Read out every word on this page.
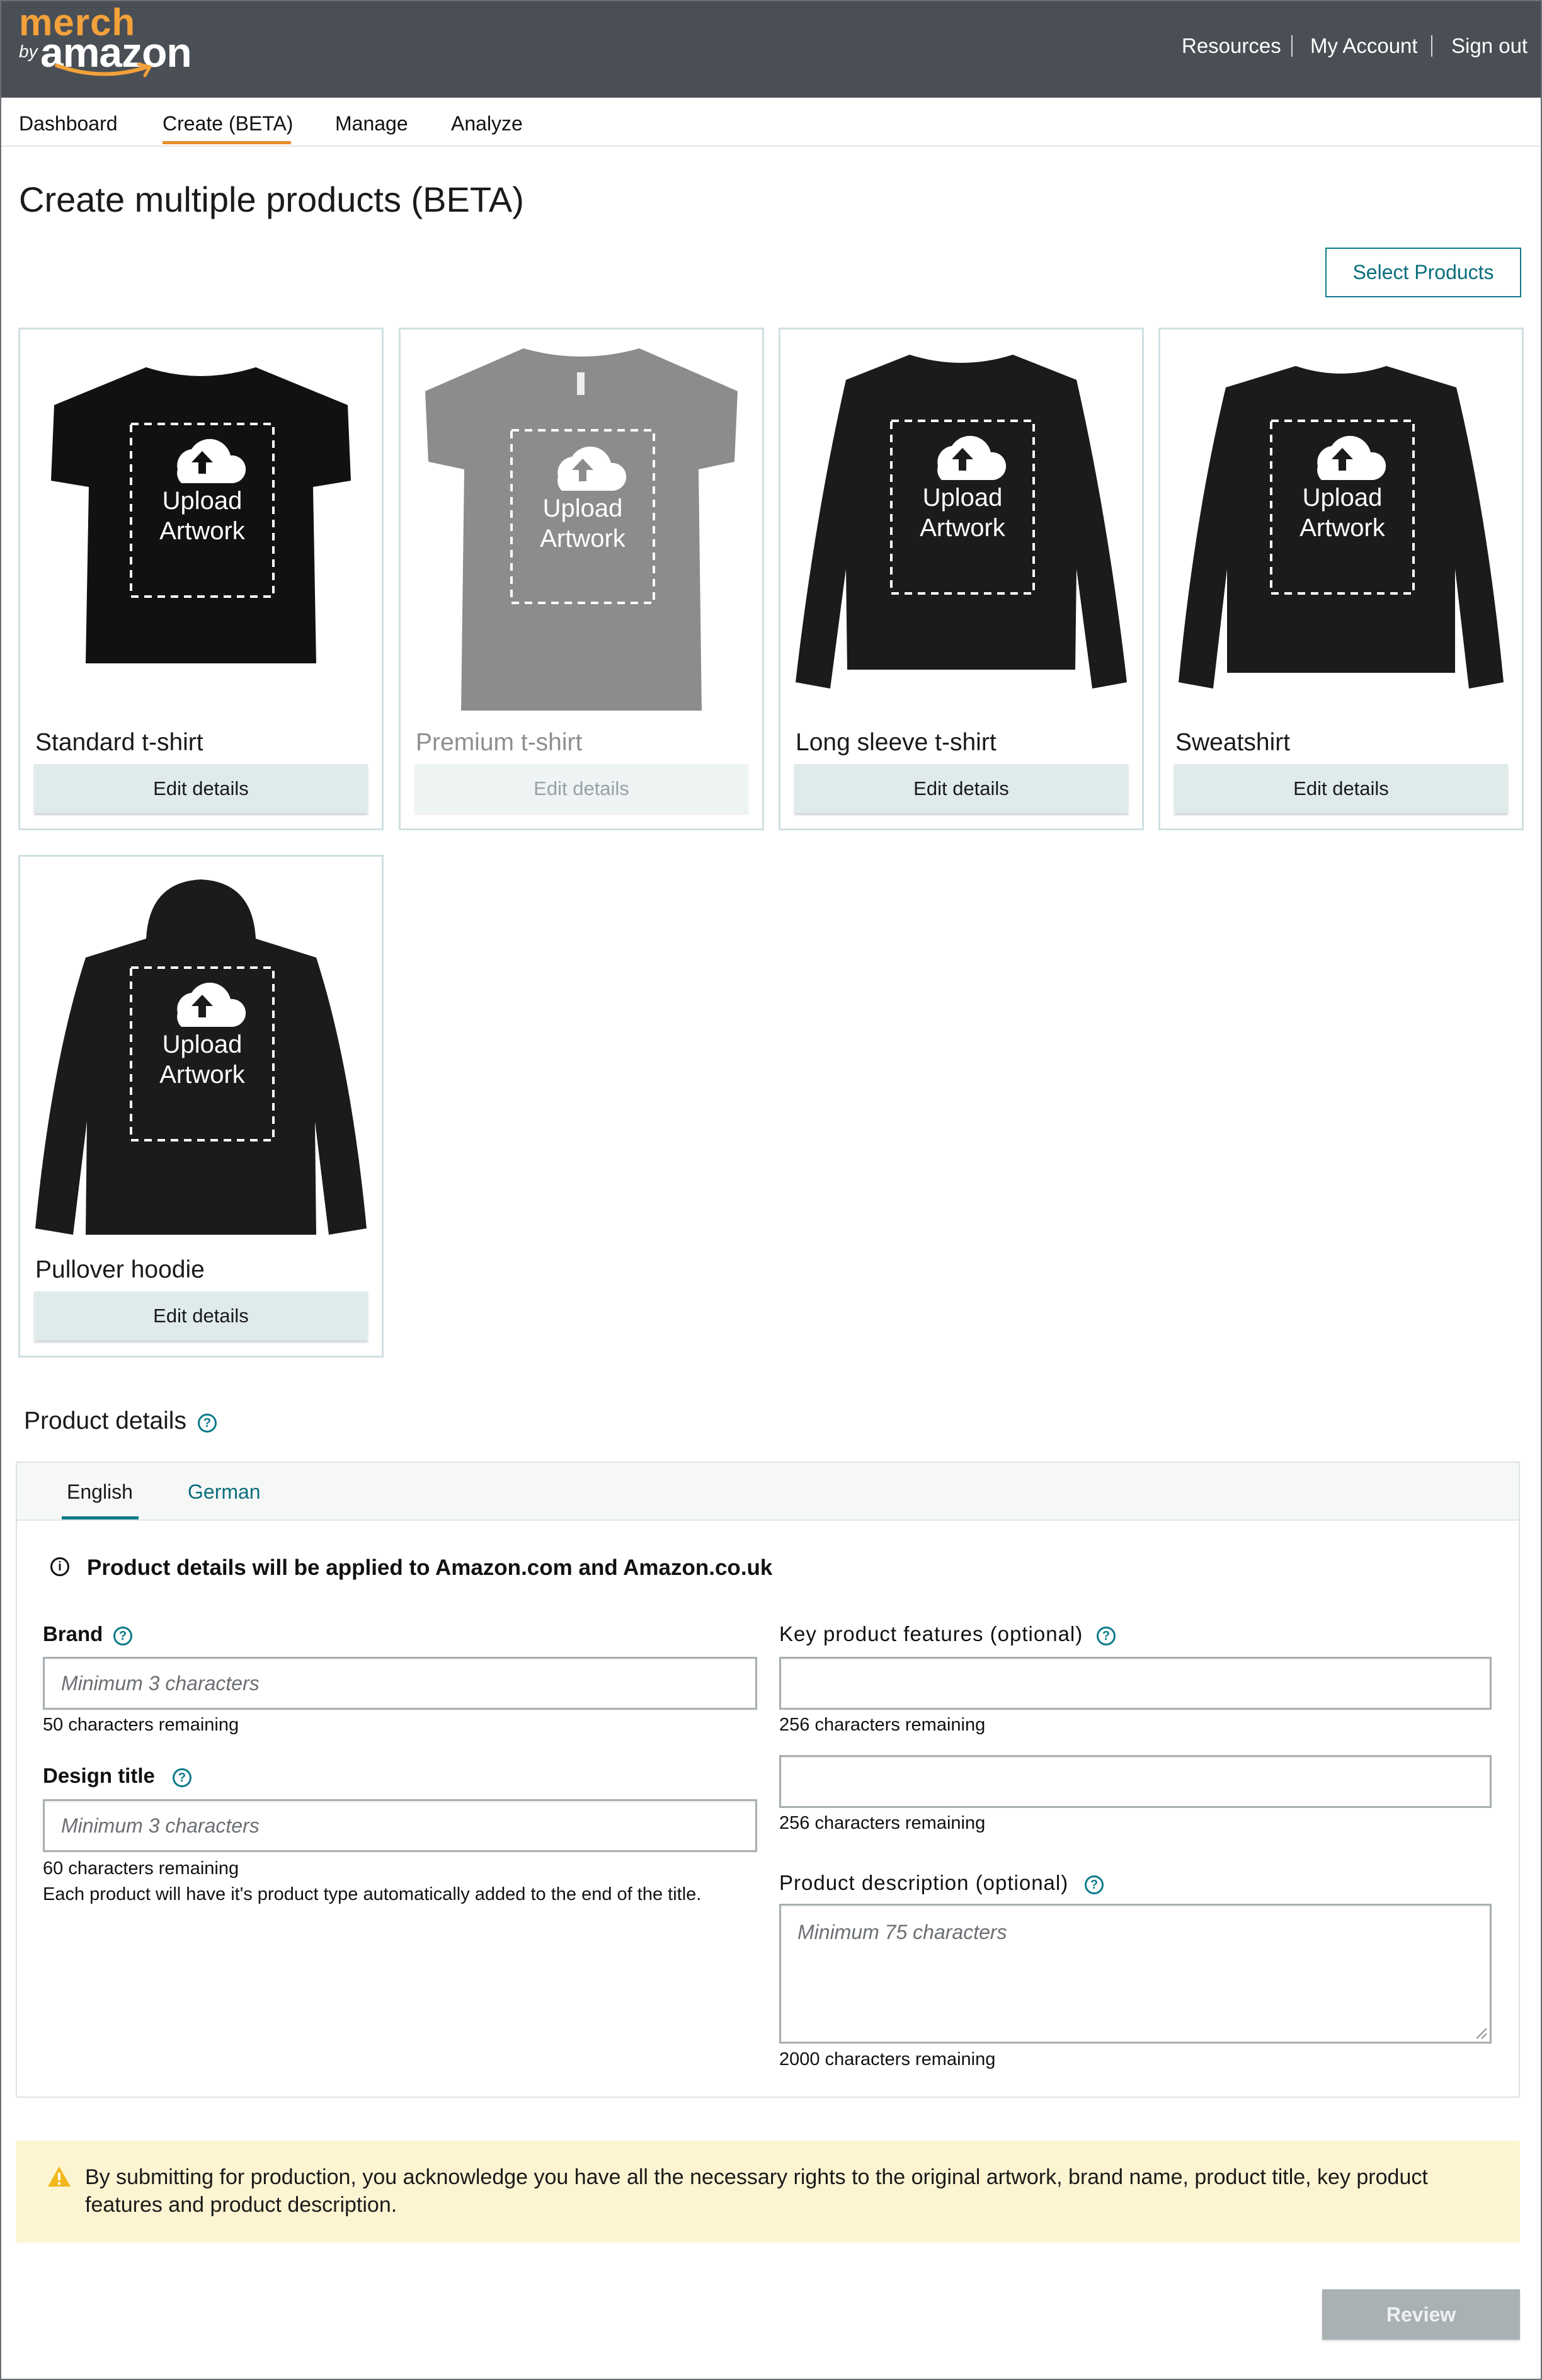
merch
by amazon	Resources My Account Sign out
Dashboard Create (BETA) Manage Analyze
Create multiple products (BETA)
Select Products
Upload
Artwork
Standard t-shirt
Edit details
Upload
Artwork
Premium t-shirt
Edit details
Upload
Artwork
Long sleeve t-shirt
Edit details
Upload
Artwork
Sweatshirt
Edit details
Upload
Artwork
Pullover hoodie
Edit details
Product details	?
English	German
i	Product details will be applied to Amazon.com and Amazon.co.uk
Brand	?
Minimum 3 characters
50 characters remaining
Design title	?
Minimum 3 characters
60 characters remaining
Each product will have it's product type automatically added to the end of the title.
Key product features (optional)	?
256 characters remaining
256 characters remaining
Product description (optional)	?
Minimum 75 characters
2000 characters remaining
By submitting for production, you acknowledge you have all the necessary rights to the original artwork, brand name, product title, key product features and product description.
Review
